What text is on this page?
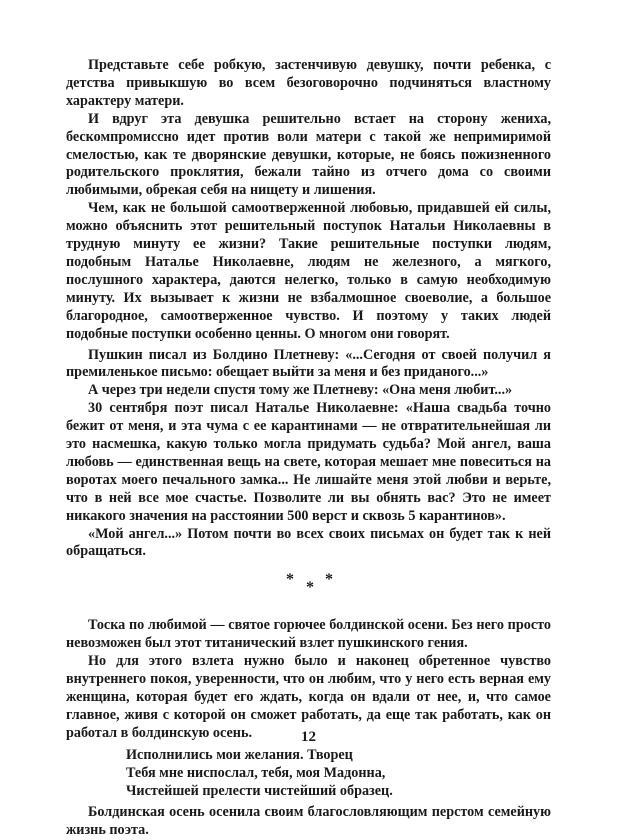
Представьте себе робкую, застенчивую девушку, почти ребенка, с детства привыкшую во всем безоговорочно подчиняться властному характеру матери.

И вдруг эта девушка решительно встает на сторону жениха, бескомпромиссно идет против воли матери с такой же непримиримой смелостью, как те дворянские девушки, которые, не боясь пожизненного родительского проклятия, бежали тайно из отчего дома со своими любимыми, обрекая себя на нищету и лишения.

Чем, как не большой самоотверженной любовью, придавшей ей силы, можно объяснить этот решительный поступок Натальи Николаевны в трудную минуту ее жизни? Такие решительные поступки людям, подобным Наталье Николаевне, людям не железного, а мягкого, послушного характера, даются нелегко, только в самую необходимую минуту. Их вызывает к жизни не взбалмошное своеволие, а большое благородное, самоотверженное чувство. И поэтому у таких людей подобные поступки особенно ценны. О многом они говорят.

Пушкин писал из Болдино Плетневу: «...Сегодня от своей получил я премиленькое письмо: обещает выйти за меня и без приданого...»

А через три недели спустя тому же Плетневу: «Она меня любит...»

30 сентября поэт писал Наталье Николаевне: «Наша свадьба точно бежит от меня, и эта чума с ее карантинами — не отвратительнейшая ли это насмешка, какую только могла придумать судьба? Мой ангел, ваша любовь — единственная вещь на свете, которая мешает мне повеситься на воротах моего печального замка... Не лишайте меня этой любви и верьте, что в ней все мое счастье. Позволите ли вы обнять вас? Это не имеет никакого значения на расстоянии 500 верст и сквозь 5 карантинов».

«Мой ангел...» Потом почти во всех своих письмах он будет так к ней обращаться.

* * *

Тоска по любимой — святое горючее болдинской осени. Без него просто невозможен был этот титанический взлет пушкинского гения.

Но для этого взлета нужно было и наконец обретенное чувство внутреннего покоя, уверенности, что он любим, что у него есть верная ему женщина, которая будет его ждать, когда он вдали от нее, и, что самое главное, живя с которой он сможет работать, да еще так работать, как он работал в болдинскую осень.

Исполнились мои желания. Творец
Тебя мне ниспослал, тебя, моя Мадонна,
Чистейшей прелести чистейший образец.

Болдинская осень осенила своим благословляющим перстом семейную жизнь поэта.

12
